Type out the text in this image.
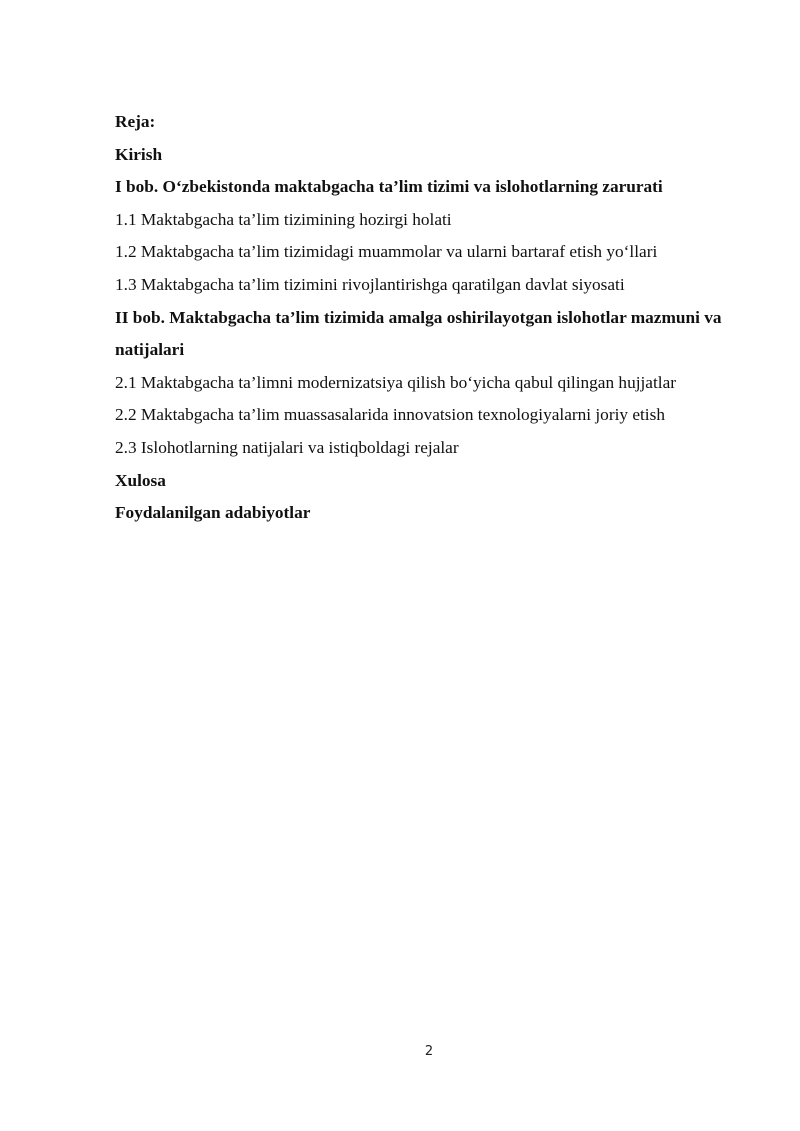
Reja:

Kirish

I bob. O‘zbekistonda maktabgacha ta’lim tizimi va islohotlarning zarurati

1.1 Maktabgacha ta’lim tizimining hozirgi holati

1.2 Maktabgacha ta’lim tizimidagi muammolar va ularni bartaraf etish yo‘llari

1.3 Maktabgacha ta’lim tizimini rivojlantirishga qaratilgan davlat siyosati

II bob. Maktabgacha ta’lim tizimida amalga oshirilayotgan islohotlar mazmuni va natijalari

2.1 Maktabgacha ta’limni modernizatsiya qilish bo‘yicha qabul qilingan hujjatlar

2.2 Maktabgacha ta’lim muassasalarida innovatsion texnologiyalarni joriy etish

2.3 Islohotlarning natijalari va istiqboldagi rejalar

Xulosa

Foydalanilgan adabiyotlar

2
